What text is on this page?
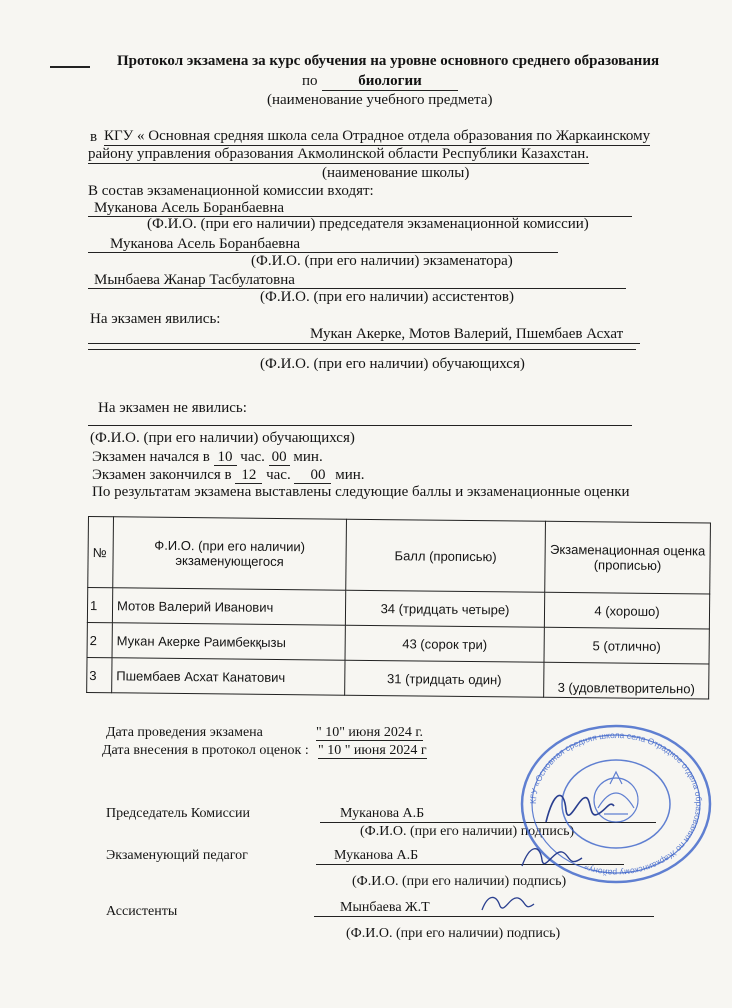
Протокол экзамена за курс обучения на уровне основного среднего образования
по	биологии
(наименование учебного предмета)
в КГУ « Основная средняя школа села Отрадное отдела образования по Жаркаинскому
району управления образования Акмолинской области Республики Казахстан.
(наименование школы)
В состав экзаменационной комиссии входят:
Муканова Асель Боранбаевна
(Ф.И.О. (при его наличии) председателя экзаменационной комиссии)
Муканова Асель Боранбаевна
(Ф.И.О. (при его наличии) экзаменатора)
Мынбаева Жанар Тасбулатовна
(Ф.И.О. (при его наличии) ассистентов)
На экзамен явились:
Мукан Акерке, Мотов Валерий, Пшембаев Асхат
(Ф.И.О. (при его наличии) обучающихся)
На экзамен не явились:
(Ф.И.О. (при его наличии) обучающихся)
Экзамен начался в 10 час. 00 мин.
Экзамен закончился в 12 час. 00 мин.
По результатам экзамена выставлены следующие баллы и экзаменационные оценки
№	Ф.И.О. (при его наличии) экзаменующегося	Балл (прописью)	Экзаменационная оценка (прописью)
1	Мотов Валерий Иванович	34 (тридцать четыре)	4 (хорошо)
2	Мукан Акерке Раимбекқызы	43 (сорок три)	5 (отлично)
3	Пшембаев Асхат Канатович	31 (тридцать один)	3 (удовлетворительно)
Дата проведения экзамена	" 10" июня 2024 г.
Дата внесения в протокол оценок : " 10 " июня 2024 г
Председатель Комиссии	Муканова А.Б
(Ф.И.О. (при его наличии) подпись)
Экзаменующий педагог	Муканова А.Б
(Ф.И.О. (при его наличии) подпись)
Ассистенты	Мынбаева Ж.Т
(Ф.И.О. (при его наличии) подпись)
КГУ «Основная средняя школа села Отрадное отдела образования по Жаркаинскому району»
